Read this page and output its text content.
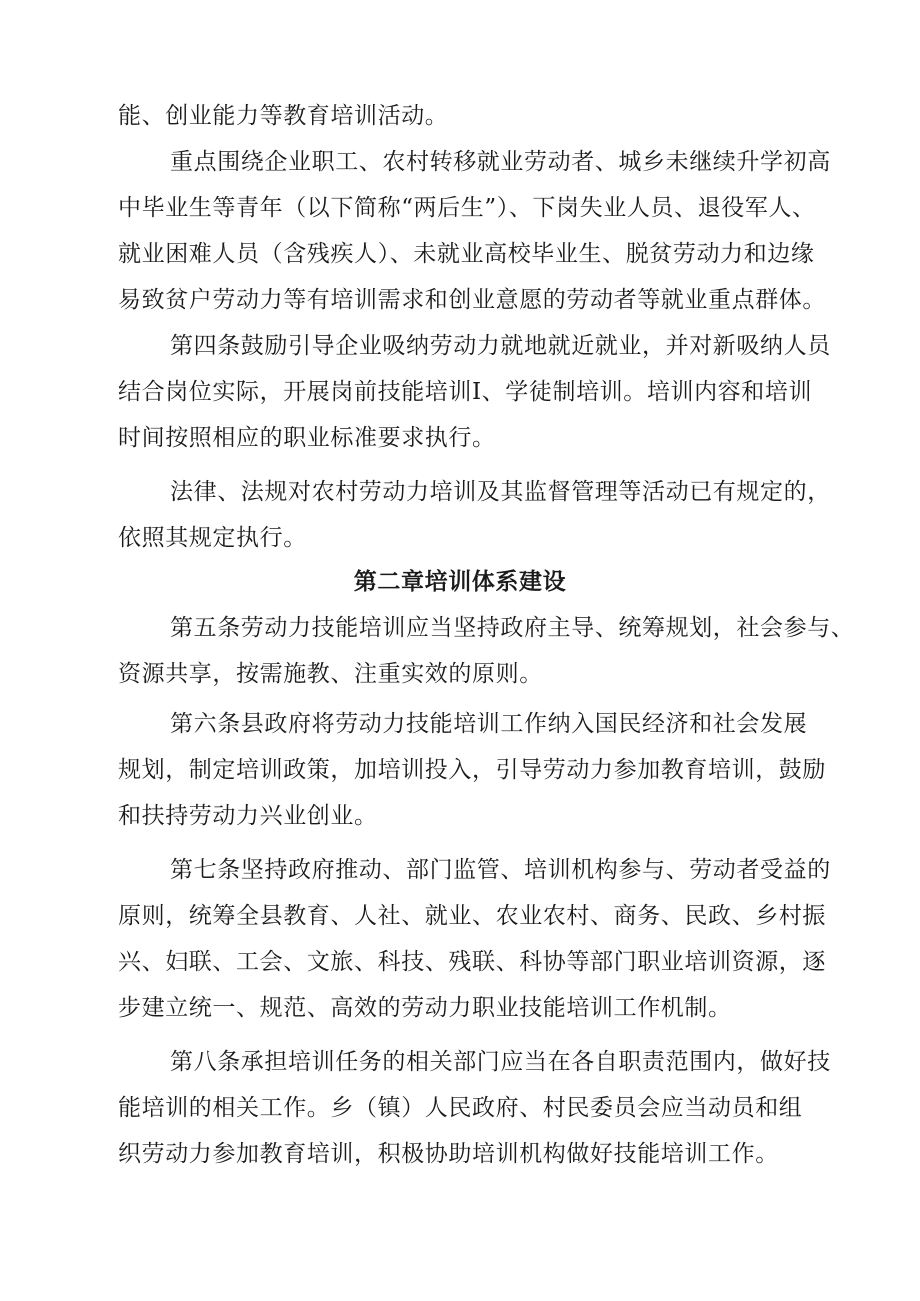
能、创业能力等教育培训活动。
重点围绕企业职工、农村转移就业劳动者、城乡未继续升学初高
中毕业生等青年（以下简称“两后生”）、下岗失业人员、退役军人、
就业困难人员（含残疾人）、未就业高校毕业生、脱贫劳动力和边缘
易致贫户劳动力等有培训需求和创业意愿的劳动者等就业重点群体。
第四条鼓励引导企业吸纳劳动力就地就近就业，并对新吸纳人员
结合岗位实际，开展岗前技能培训I、学徒制培训。培训内容和培训
时间按照相应的职业标准要求执行。
法律、法规对农村劳动力培训及其监督管理等活动已有规定的，
依照其规定执行。
第二章培训体系建设
第五条劳动力技能培训应当坚持政府主导、统筹规划，社会参与、
资源共享，按需施教、注重实效的原则。
第六条县政府将劳动力技能培训工作纳入国民经济和社会发展
规划，制定培训政策，加培训投入，引导劳动力参加教育培训，鼓励
和扶持劳动力兴业创业。
第七条坚持政府推动、部门监管、培训机构参与、劳动者受益的
原则，统筹全县教育、人社、就业、农业农村、商务、民政、乡村振
兴、妇联、工会、文旅、科技、残联、科协等部门职业培训资源，逐
步建立统一、规范、高效的劳动力职业技能培训工作机制。
第八条承担培训任务的相关部门应当在各自职责范围内，做好技
能培训的相关工作。乡（镇）人民政府、村民委员会应当动员和组
织劳动力参加教育培训，积极协助培训机构做好技能培训工作。
